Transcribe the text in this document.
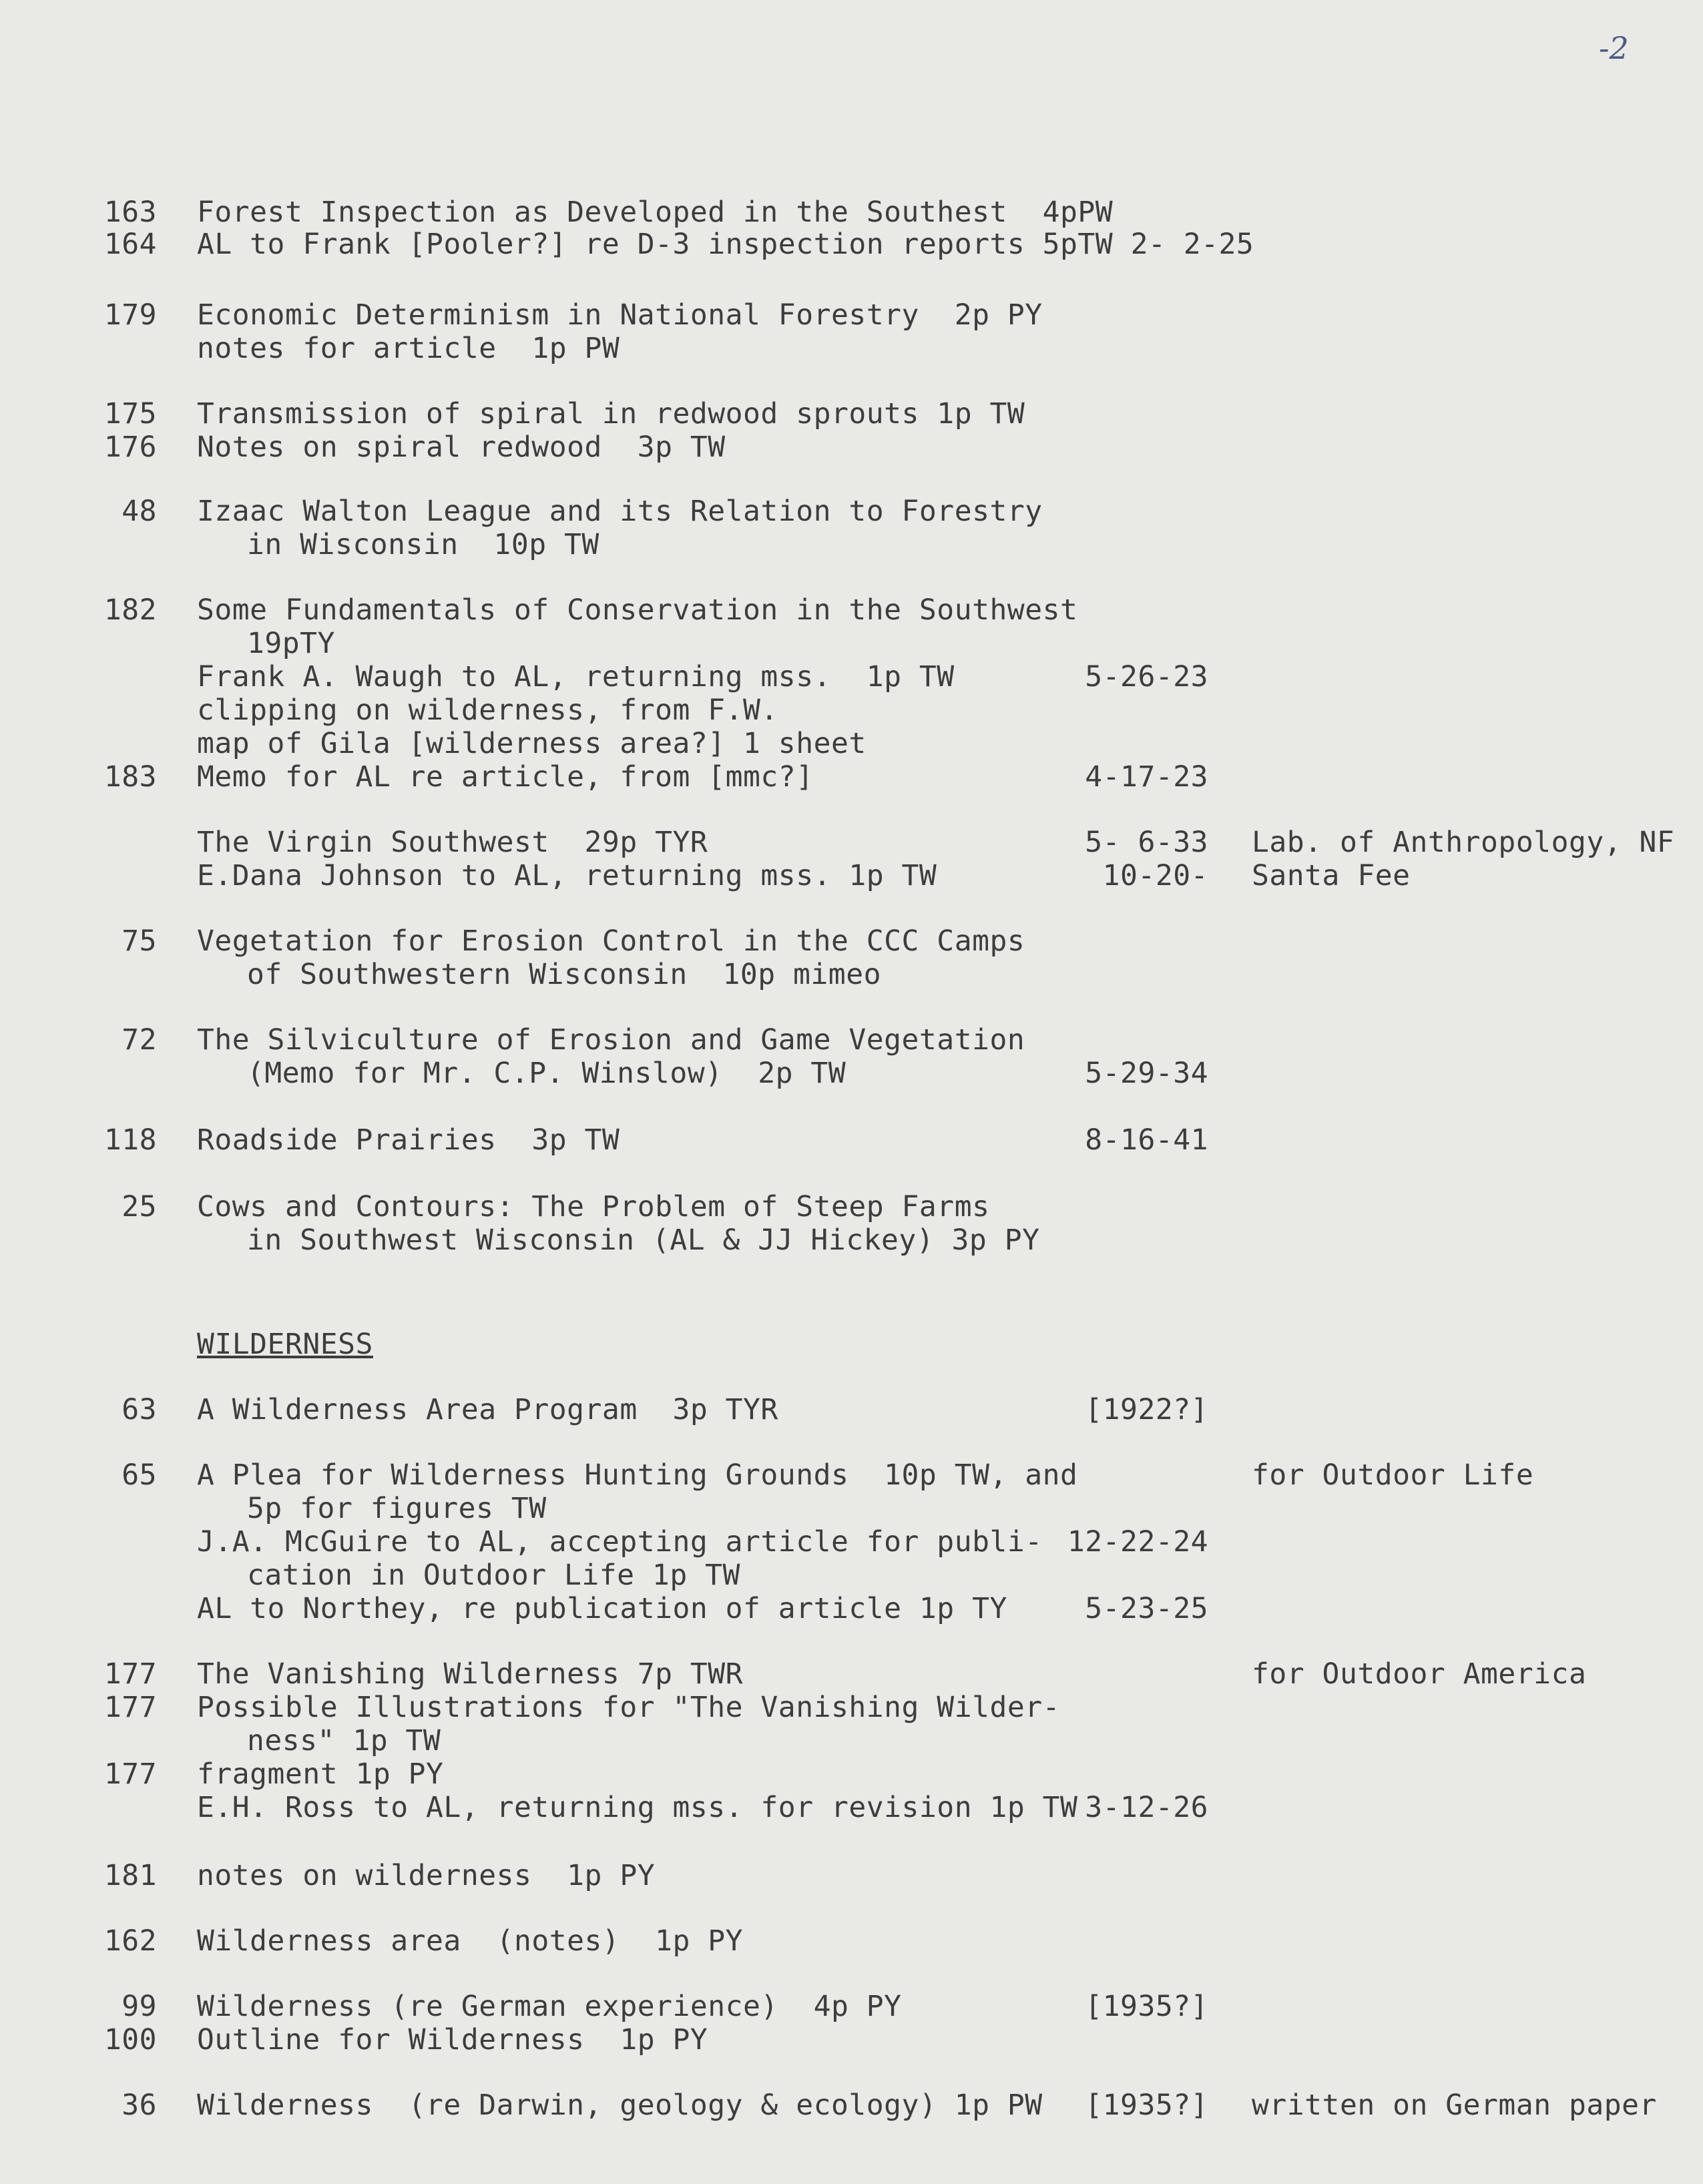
-2
163 Forest Inspection as Developed in the Southest  4pPW
164 AL to Frank [Pooler?] re D-3 inspection reports 5pTW 2- 2-25
179 Economic Determinism in National Forestry  2p PY
notes for article  1p PW
175 Transmission of spiral in redwood sprouts 1p TW
176 Notes on spiral redwood  3p TW
48 Izaac Walton League and its Relation to Forestry
in Wisconsin  10p TW
182 Some Fundamentals of Conservation in the Southwest
19pTY
Frank A. Waugh to AL, returning mss.  1p TW	5-26-23
clipping on wilderness, from F.W.
map of Gila [wilderness area?] 1 sheet
183 Memo for AL re article, from [mmc?]	4-17-23
The Virgin Southwest  29p TYR	5- 6-33 Lab. of Anthropology, NF
E.Dana Johnson to AL, returning mss. 1p TW	10-20- Santa Fee
75 Vegetation for Erosion Control in the CCC Camps
of Southwestern Wisconsin  10p mimeo
72 The Silviculture of Erosion and Game Vegetation
(Memo for Mr. C.P. Winslow)  2p TW	5-29-34
118 Roadside Prairies  3p TW	8-16-41
25 Cows and Contours: The Problem of Steep Farms
in Southwest Wisconsin (AL & JJ Hickey) 3p PY
WILDERNESS
63 A Wilderness Area Program  3p TYR	[1922?]
65 A Plea for Wilderness Hunting Grounds  10p TW, and	for Outdoor Life
5p for figures TW
J.A. McGuire to AL, accepting article for publi- 12-22-24
cation in Outdoor Life 1p TW
AL to Northey, re publication of article 1p TY	5-23-25
177 The Vanishing Wilderness 7p TWR	for Outdoor America
177 Possible Illustrations for "The Vanishing Wilder-
ness" 1p TW
177 fragment 1p PY
E.H. Ross to AL, returning mss. for revision 1p TW 3-12-26
181 notes on wilderness  1p PY
162 Wilderness area  (notes)  1p PY
99 Wilderness (re German experience)  4p PY	[1935?]
100 Outline for Wilderness  1p PY
36 Wilderness  (re Darwin, geology & ecology) 1p PW	[1935?] written on German paper
